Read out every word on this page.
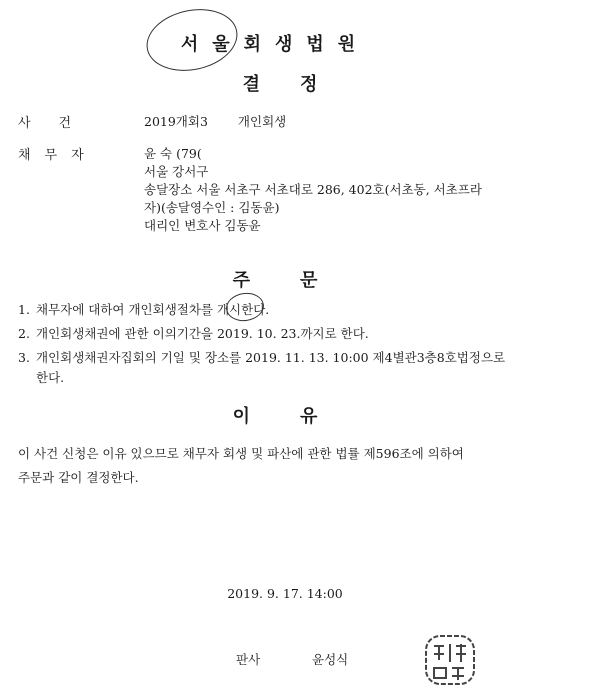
서울회생법원
결정
사건	2019개회3 개인회생
채무자	윤 숙 (79(
서울 강서구
송달장소 서울 서초구 서초대로 286, 402호(서초동, 서초프라
자)(송달영수인 : 김동윤)
대리인 변호사 김동윤
주문
1. 채무자에 대하여 개인회생절차를 개시한다.
2. 개인회생채권에 관한 이의기간을 2019. 10. 23.까지로 한다.
3. 개인회생채권자집회의 기일 및 장소를 2019. 11. 13. 10:00 제4별관3층8호법정으로
한다.
이유
이 사건 신청은 이유 있으므로 채무자 회생 및 파산에 관한 법률 제596조에 의하여
주문과 같이 결정한다.
2019. 9. 17. 14:00
판사	윤성식
